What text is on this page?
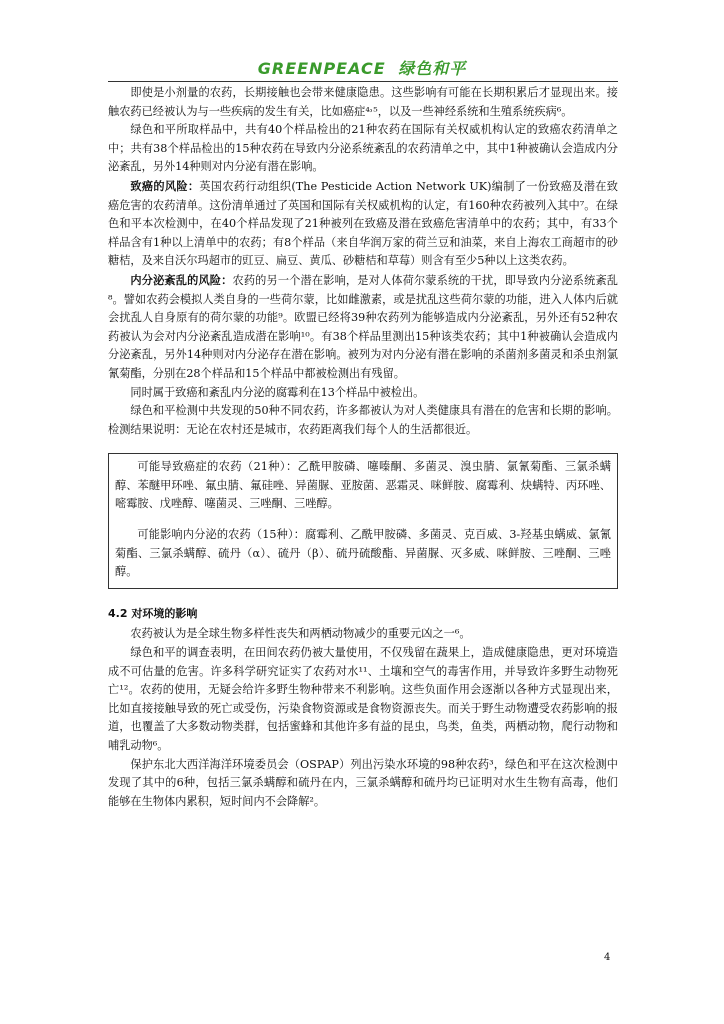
GREENPEACE 绿色和平

即使是小剂量的农药，长期接触也会带来健康隐患。这些影响有可能在长期积累后才显现出来。接触农药已经被认为与一些疾病的发生有关，比如癌症⁴˒⁵，以及一些神经系统和生殖系统疾病⁶。

绿色和平所取样品中，共有40个样品检出的21种农药在国际有关权威机构认定的致癌农药清单之中；共有38个样品检出的15种农药在导致内分泌系统紊乱的农药清单之中，其中1种被确认会造成内分泌紊乱，另外14种则对内分泌有潜在影响。

致癌的风险：英国农药行动组织(The Pesticide Action Network UK)编制了一份致癌及潜在致癌危害的农药清单。这份清单通过了英国和国际有关权威机构的认定，有160种农药被列入其中⁷。在绿色和平本次检测中，在40个样品发现了21种被列在致癌及潜在致癌危害清单中的农药；其中，有33个样品含有1种以上清单中的农药；有8个样品（来自华润万家的荷兰豆和油菜，来自上海农工商超市的砂糖桔，及来自沃尔玛超市的豇豆、扁豆、黄瓜、砂糖桔和草莓）则含有至少5种以上这类农药。

内分泌紊乱的风险：农药的另一个潜在影响，是对人体荷尔蒙系统的干扰，即导致内分泌系统紊乱⁸。譬如农药会模拟人类自身的一些荷尔蒙，比如雌激素，或是扰乱这些荷尔蒙的功能，进入人体内后就会扰乱人自身原有的荷尔蒙的功能⁹。欧盟已经将39种农药列为能够造成内分泌紊乱，另外还有52种农药被认为会对内分泌紊乱造成潜在影响¹⁰。有38个样品里测出15种该类农药；其中1种被确认会造成内分泌紊乱，另外14种则对内分泌存在潜在影响。被列为对内分泌有潜在影响的杀菌剂多菌灵和杀虫剂氯氰菊酯，分别在28个样品和15个样品中都被检测出有残留。

同时属于致癌和紊乱内分泌的腐霉利在13个样品中被检出。

绿色和平检测中共发现的50种不同农药，许多都被认为对人类健康具有潜在的危害和长期的影响。检测结果说明：无论在农村还是城市，农药距离我们每个人的生活都很近。

可能导致癌症的农药（21种）：乙酰甲胺磷、噻嗪酮、多菌灵、溴虫腈、氯氰菊酯、三氯杀螨醇、苯醚甲环唑、氟虫腈、氟硅唑、异菌脲、亚胺菌、恶霜灵、咪鲜胺、腐霉利、炔螨特、丙环唑、嘧霉胺、戊唑醇、噻菌灵、三唑酮、三唑醇。

可能影响内分泌的农药（15种）：腐霉利、乙酰甲胺磷、多菌灵、克百威、3-羟基虫螨威、氯氰菊酯、三氯杀螨醇、硫丹（α）、硫丹（β）、硫丹硫酸酯、异菌脲、灭多威、咪鲜胺、三唑酮、三唑醇。

4.2 对环境的影响

农药被认为是全球生物多样性丧失和两栖动物减少的重要元凶之一⁶。

绿色和平的调查表明，在田间农药仍被大量使用，不仅残留在蔬果上，造成健康隐患，更对环境造成不可估量的危害。许多科学研究证实了农药对水¹¹、土壤和空气的毒害作用，并导致许多野生动物死亡¹²。农药的使用，无疑会给许多野生物种带来不利影响。这些负面作用会逐渐以各种方式显现出来，比如直接接触导致的死亡或受伤，污染食物资源或是食物资源丧失。而关于野生动物遭受农药影响的报道，也覆盖了大多数动物类群，包括蜜蜂和其他许多有益的昆虫，鸟类，鱼类，两栖动物，爬行动物和哺乳动物⁶。

保护东北大西洋海洋环境委员会（OSPAP）列出污染水环境的98种农药³，绿色和平在这次检测中发现了其中的6种，包括三氯杀螨醇和硫丹在内，三氯杀螨醇和硫丹均已证明对水生生物有高毒，他们能够在生物体内累积，短时间内不会降解²。

4
